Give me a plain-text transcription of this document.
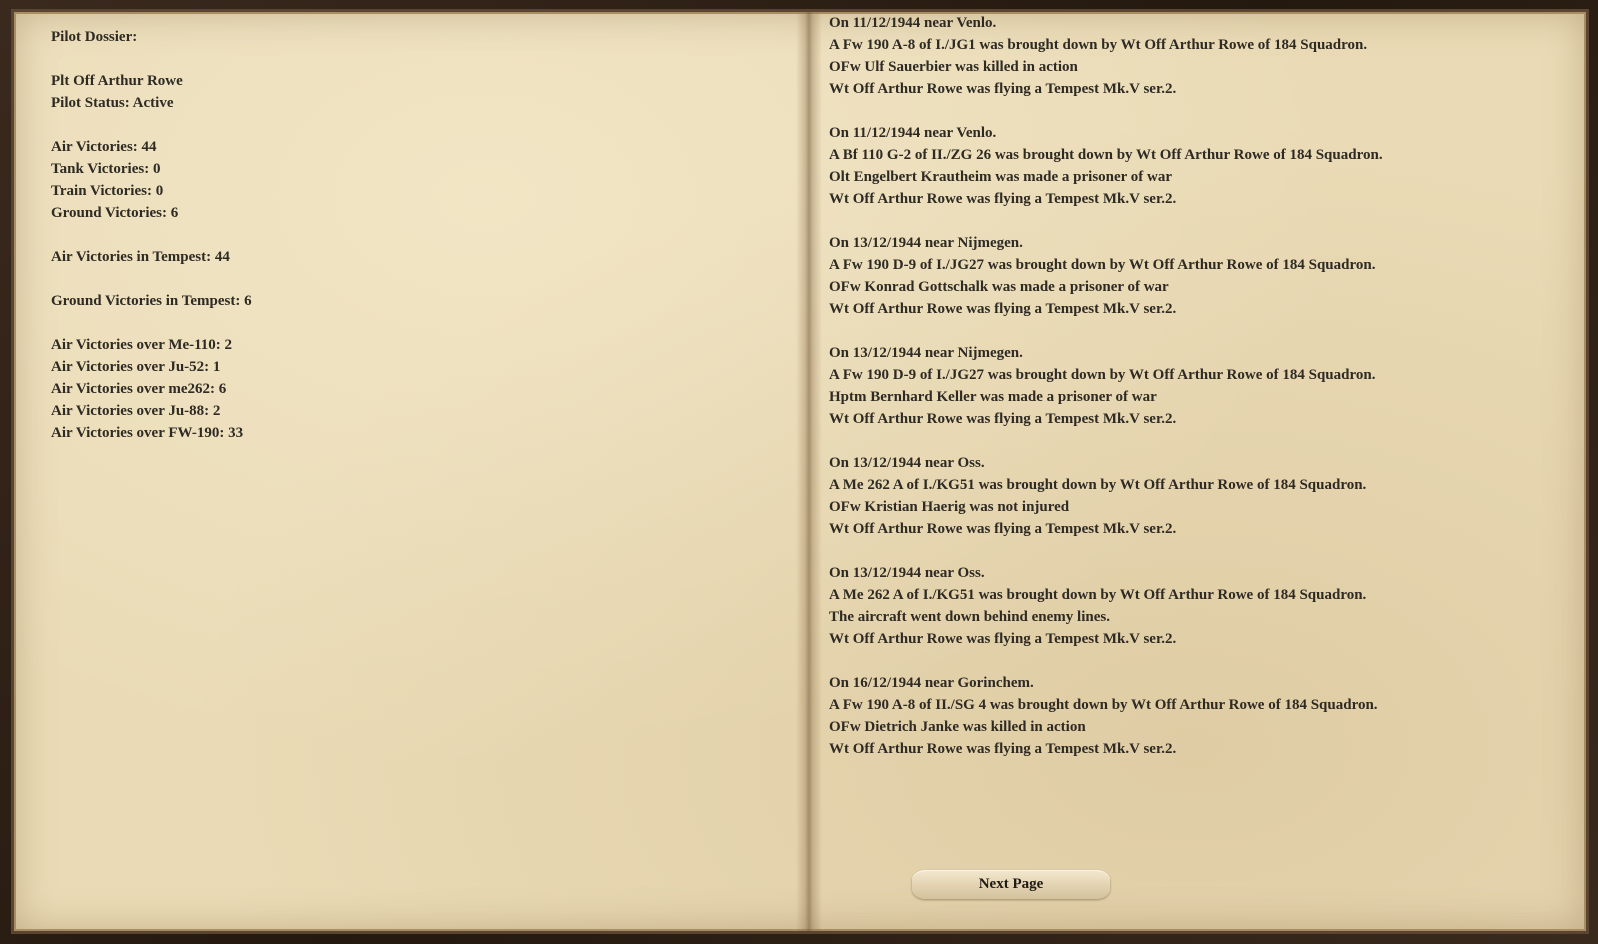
Pilot Dossier:

Plt Off Arthur Rowe

Pilot Status: Active

Air Victories: 44

Tank Victories: 0

Train Victories: 0

Ground Victories: 6

Air Victories in Tempest: 44

Ground Victories in Tempest: 6

Air Victories over Me-110: 2

Air Victories over Ju-52: 1

Air Victories over me262: 6

Air Victories over Ju-88: 2

Air Victories over FW-190: 33

On 11/12/1944 near Venlo.

A Fw 190 A-8 of I./JG1 was brought down by Wt Off Arthur Rowe of 184 Squadron.

OFw Ulf Sauerbier was killed in action

Wt Off Arthur Rowe was flying a Tempest Mk.V ser.2.

On 11/12/1944 near Venlo.

A Bf 110 G-2 of II./ZG 26 was brought down by Wt Off Arthur Rowe of 184 Squadron.

Olt Engelbert Krautheim was made a prisoner of war

Wt Off Arthur Rowe was flying a Tempest Mk.V ser.2.

On 13/12/1944 near Nijmegen.

A Fw 190 D-9 of I./JG27 was brought down by Wt Off Arthur Rowe of 184 Squadron.

OFw Konrad Gottschalk was made a prisoner of war

Wt Off Arthur Rowe was flying a Tempest Mk.V ser.2.

On 13/12/1944 near Nijmegen.

A Fw 190 D-9 of I./JG27 was brought down by Wt Off Arthur Rowe of 184 Squadron.

Hptm Bernhard Keller was made a prisoner of war

Wt Off Arthur Rowe was flying a Tempest Mk.V ser.2.

On 13/12/1944 near Oss.

A Me 262 A of I./KG51 was brought down by Wt Off Arthur Rowe of 184 Squadron.

OFw Kristian Haerig was not injured

Wt Off Arthur Rowe was flying a Tempest Mk.V ser.2.

On 13/12/1944 near Oss.

A Me 262 A of I./KG51 was brought down by Wt Off Arthur Rowe of 184 Squadron.

The aircraft went down behind enemy lines.

Wt Off Arthur Rowe was flying a Tempest Mk.V ser.2.

On 16/12/1944 near Gorinchem.

A Fw 190 A-8 of II./SG 4 was brought down by Wt Off Arthur Rowe of 184 Squadron.

OFw Dietrich Janke was killed in action

Wt Off Arthur Rowe was flying a Tempest Mk.V ser.2.

Next Page
